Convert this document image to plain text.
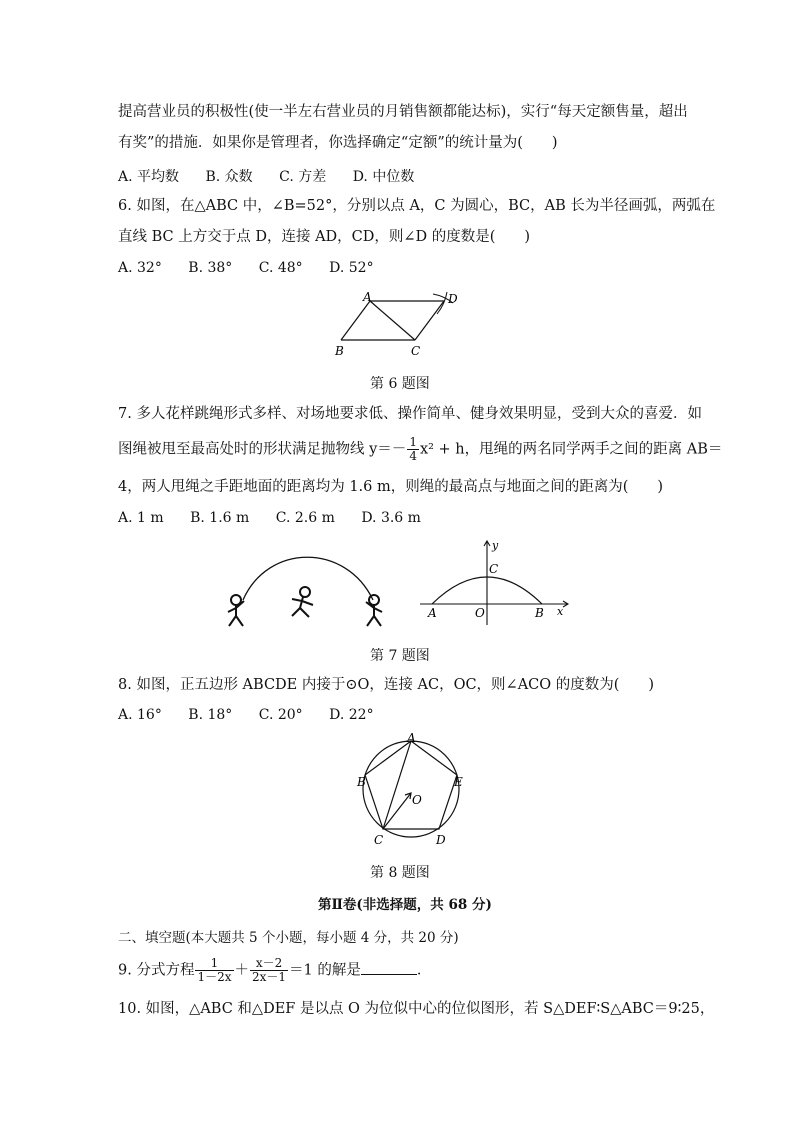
提高营业员的积极性(使一半左右营业员的月销售额都能达标)，实行“每天定额售量，超出
有奖”的措施．如果你是管理者，你选择确定“定额”的统计量为(　　)
A. 平均数 B. 众数 C. 方差 D. 中位数
6. 如图，在△ABC 中，∠B=52°，分别以点 A，C 为圆心，BC，AB 长为半径画弧，两弧在
直线 BC 上方交于点 D，连接 AD，CD，则∠D 的度数是(　　)
A. 32° B. 38° C. 48° D. 52°
A
B	C
D
第 6 题图
7. 多人花样跳绳形式多样、对场地要求低、操作简单、健身效果明显，受到大众的喜爱．如
图绳被甩至最高处时的形状满足抛物线 $y=- \frac{1}{4} x^2 + h$，甩绳的两名同学两手之间的距离 AB＝
4，两人甩绳之手距地面的距离均为 1.6 m，则绳的最高点与地面之间的距离为(　　)
A. 1 m B. 1.6 m C. 2.6 m D. 3.6 m
y
x
C
A	O	B
第 7 题图
8. 如图，正五边形 ABCDE 内接于⊙O，连接 AC，OC，则∠ACO 的度数为(　　)
A. 16° B. 18° C. 20° D. 22°
A
B
C	D
E
O
第 8 题图
第Ⅱ卷(非选择题，共 68 分)
二、填空题(本大题共 5 个小题，每小题 4 分，共 20 分)
9. 分式方程 $\frac{1}{1-2x} + \frac{x-2}{2x-1} =1$ 的解是	．
10. 如图，△ABC 和△DEF 是以点 O 为位似中心的位似图形，若 S△DEF∶S△ABC＝9∶25，
